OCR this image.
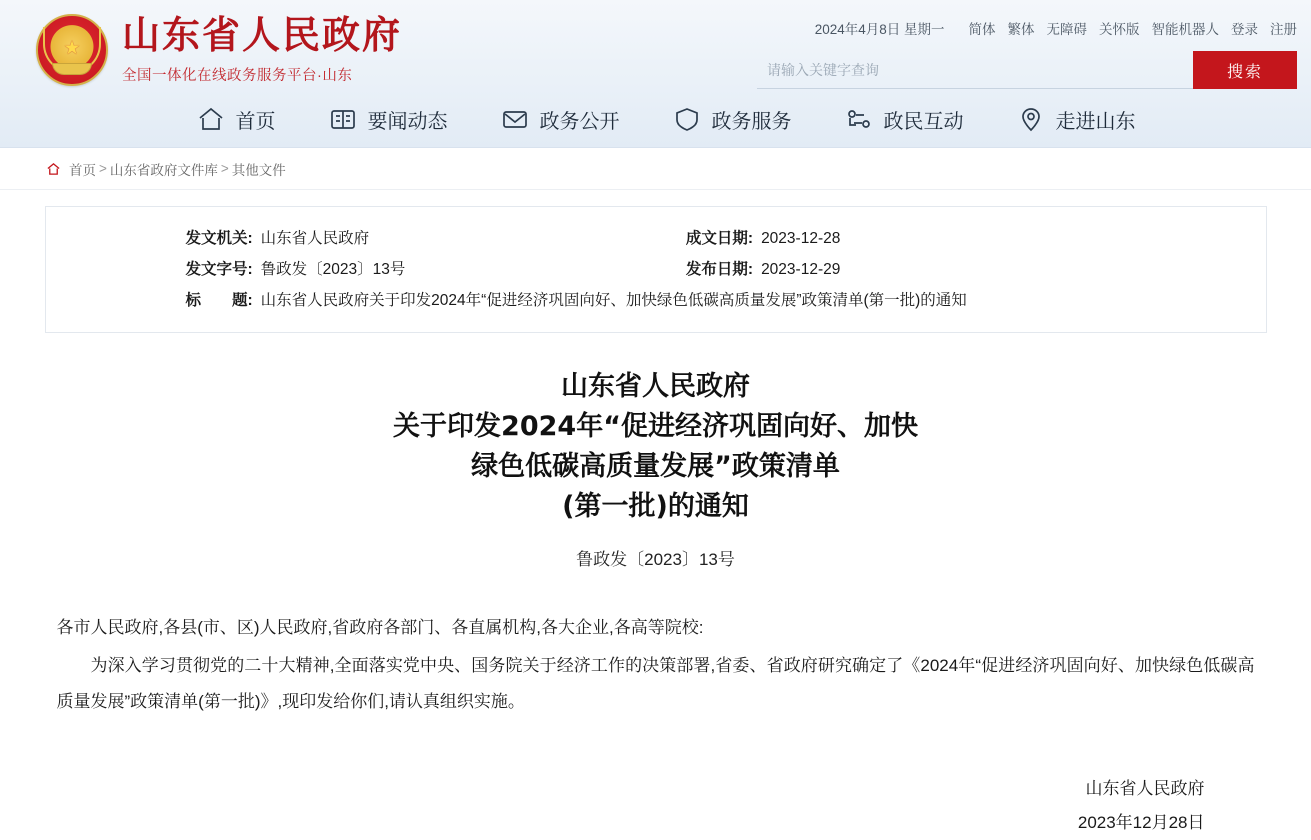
★ 山东省人民政府
全国一体化在线政务服务平台·山东
2024年4月8日 星期一 简体 繁体 无障碍 关怀版 智能机器人 登录 注册
请输入关键字查询
搜索
首页	要闻动态	政务公开	政务服务	政民互动	走进山东
首页 > 山东省政府文件库 > 其他文件
发文机关: 山东省人民政府	成文日期: 2023-12-28
发文字号: 鲁政发〔2023〕13号	发布日期: 2023-12-29
标　　题: 山东省人民政府关于印发2024年“促进经济巩固向好、加快绿色低碳高质量发展”政策清单(第一批)的通知
山东省人民政府
关于印发2024年“促进经济巩固向好、加快
绿色低碳高质量发展”政策清单
(第一批)的通知
鲁政发〔2023〕13号

各市人民政府,各县(市、区)人民政府,省政府各部门、各直属机构,各大企业,各高等院校:

为深入学习贯彻党的二十大精神,全面落实党中央、国务院关于经济工作的决策部署,省委、省政府研究确定了《2024年“促进经济巩固向好、加快绿色低碳高质量发展”政策清单(第一批)》,现印发给你们,请认真组织实施。

山东省人民政府
2023年12月28日
